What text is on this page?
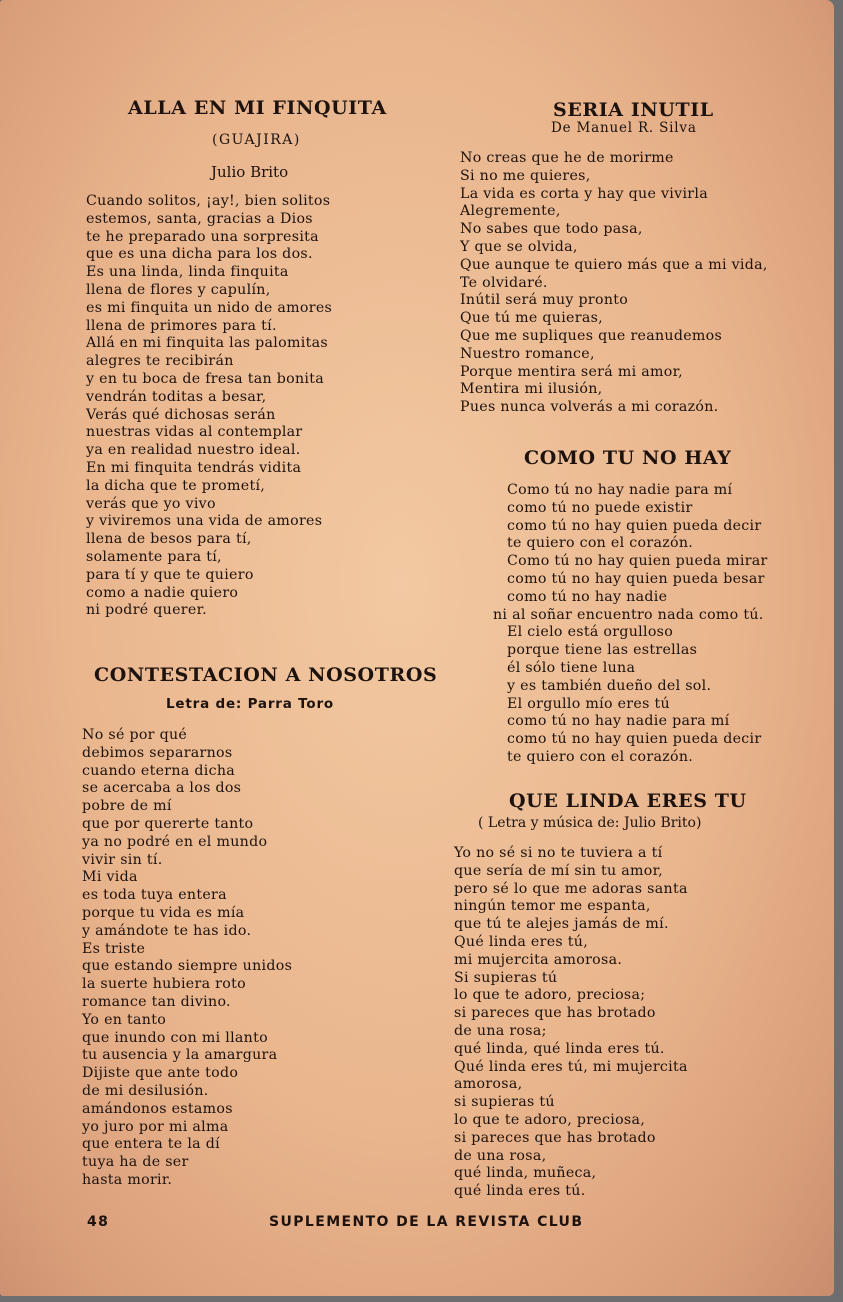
ALLA EN MI FINQUITA
(GUAJIRA)
Julio Brito
Cuando solitos, ¡ay!, bien solitos
estemos, santa, gracias a Dios
te he preparado una sorpresita
que es una dicha para los dos.
Es una linda, linda finquita
llena de flores y capulín,
es mi finquita un nido de amores
llena de primores para tí.
Allá en mi finquita las palomitas
alegres te recibirán
y en tu boca de fresa tan bonita
vendrán toditas a besar,
Verás qué dichosas serán
nuestras vidas al contemplar
ya en realidad nuestro ideal.
En mi finquita tendrás vidita
la dicha que te prometí,
verás que yo vivo
y viviremos una vida de amores
llena de besos para tí,
solamente para tí,
para tí y que te quiero
como a nadie quiero
ni podré querer.
CONTESTACION A NOSOTROS
Letra de: Parra Toro
No sé por qué
debimos separarnos
cuando eterna dicha
se acercaba a los dos
pobre de mí
que por quererte tanto
ya no podré en el mundo
vivir sin tí.
Mi vida
es toda tuya entera
porque tu vida es mía
y amándote te has ido.
Es triste
que estando siempre unidos
la suerte hubiera roto
romance tan divino.
Yo en tanto
que inundo con mi llanto
tu ausencia y la amargura
Dijiste que ante todo
de mi desilusión.
amándonos estamos
yo juro por mi alma
que entera te la dí
tuya ha de ser
hasta morir.
SERIA INUTIL
De Manuel R. Silva
No creas que he de morirme
Si no me quieres,
La vida es corta y hay que vivirla
Alegremente,
No sabes que todo pasa,
Y que se olvida,
Que aunque te quiero más que a mi vida,
Te olvidaré.
Inútil será muy pronto
Que tú me quieras,
Que me supliques que reanudemos
Nuestro romance,
Porque mentira será mi amor,
Mentira mi ilusión,
Pues nunca volverás a mi corazón.
COMO TU NO HAY
Como tú no hay nadie para mí
como tú no puede existir
como tú no hay quien pueda decir
te quiero con el corazón.
Como tú no hay quien pueda mirar
como tú no hay quien pueda besar
como tú no hay nadie
ni al soñar encuentro nada como tú.
El cielo está orgulloso
porque tiene las estrellas
él sólo tiene luna
y es también dueño del sol.
El orgullo mío eres tú
como tú no hay nadie para mí
como tú no hay quien pueda decir
te quiero con el corazón.
QUE LINDA ERES TU
( Letra y música de: Julio Brito)
Yo no sé si no te tuviera a tí
que sería de mí sin tu amor,
pero sé lo que me adoras santa
ningún temor me espanta,
que tú te alejes jamás de mí.
Qué linda eres tú,
mi mujercita amorosa.
Si supieras tú
lo que te adoro, preciosa;
si pareces que has brotado
de una rosa;
qué linda, qué linda eres tú.
Qué linda eres tú, mi mujercita
amorosa,
si supieras tú
lo que te adoro, preciosa,
si pareces que has brotado
de una rosa,
qué linda, muñeca,
qué linda eres tú.
48	SUPLEMENTO DE LA REVISTA CLUB
